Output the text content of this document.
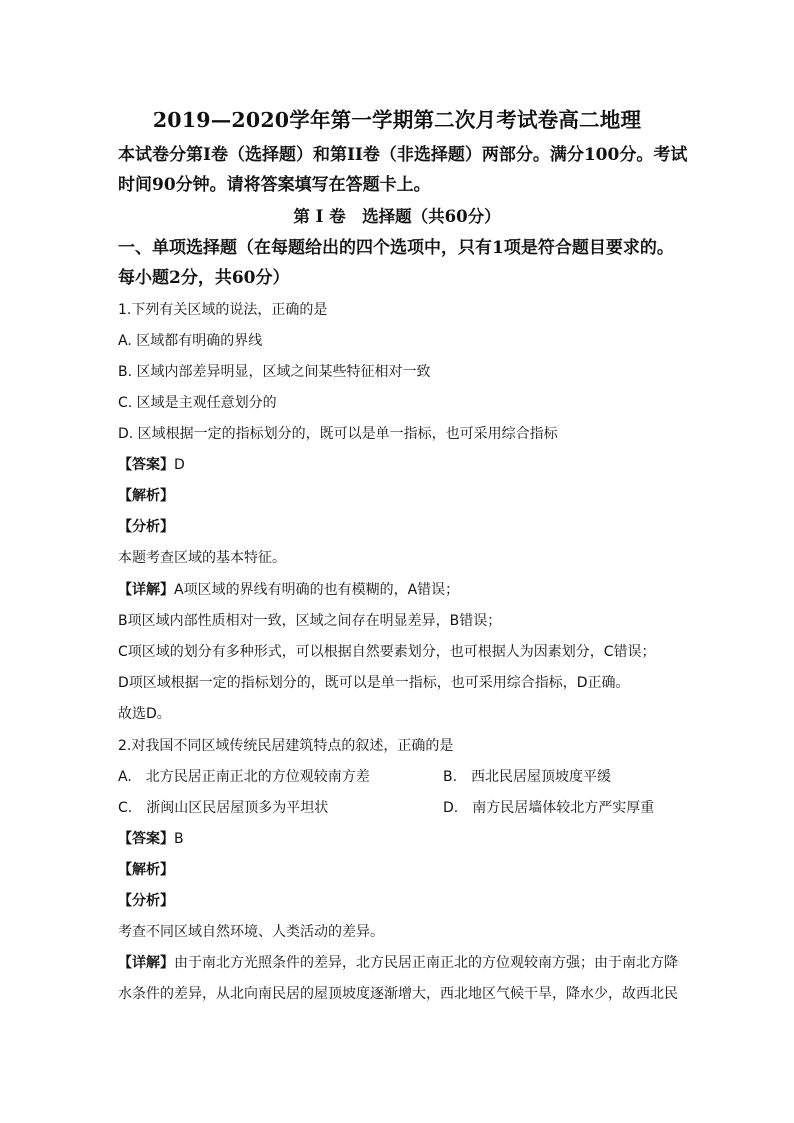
2019—2020学年第一学期第二次月考试卷高二地理
本试卷分第Ⅰ卷（选择题）和第II卷（非选择题）两部分。满分100分。考试时间90分钟。请将答案填写在答题卡上。
第 Ⅰ 卷　选择题（共60分）
一、单项选择题（在每题给出的四个选项中，只有1项是符合题目要求的。每小题2分，共60分）
1.下列有关区域的说法，正确的是
A. 区域都有明确的界线
B. 区域内部差异明显，区域之间某些特征相对一致
C. 区域是主观任意划分的
D. 区域根据一定的指标划分的，既可以是单一指标，也可采用综合指标
【答案】D
【解析】
【分析】
本题考查区域的基本特征。
【详解】A项区域的界线有明确的也有模糊的，A错误；
B项区域内部性质相对一致，区域之间存在明显差异，B错误；
C项区域的划分有多种形式，可以根据自然要素划分，也可根据人为因素划分，C错误；
D项区域根据一定的指标划分的，既可以是单一指标，也可采用综合指标，D正确。
故选D。
2.对我国不同区域传统民居建筑特点的叙述，正确的是
A.　北方民居正南正北的方位观较南方差	B.　西北民居屋顶坡度平缓
C.　浙闽山区民居屋顶多为平坦状	D.　南方民居墙体较北方严实厚重
【答案】B
【解析】
【分析】
考查不同区域自然环境、人类活动的差异。
【详解】由于南北方光照条件的差异，北方民居正南正北的方位观较南方强；由于南北方降水条件的差异，从北向南民居的屋顶坡度逐渐增大，西北地区气候干旱，降水少，故西北民
